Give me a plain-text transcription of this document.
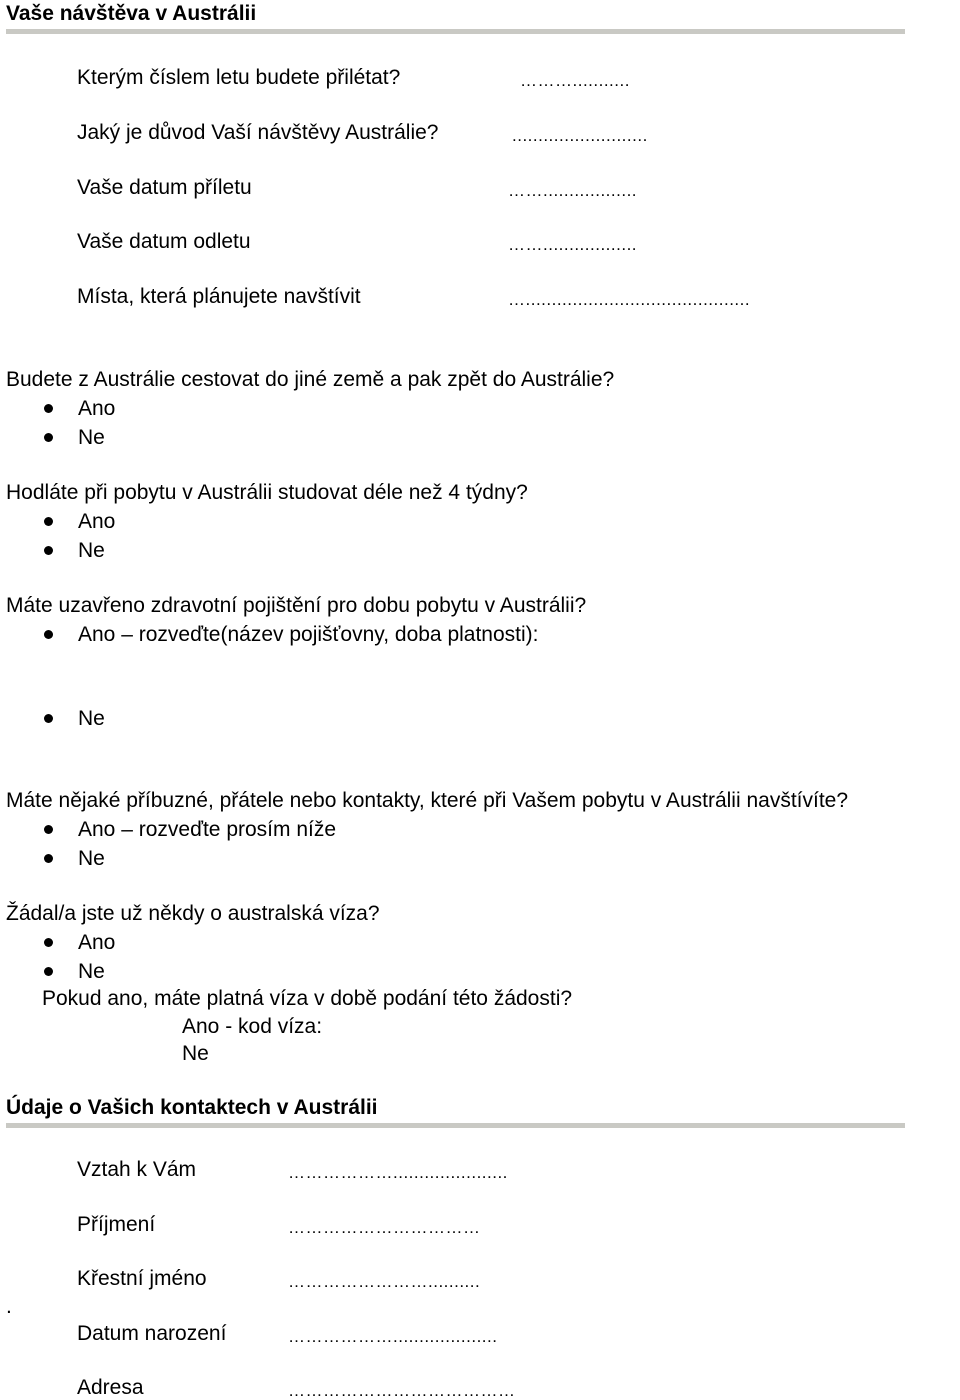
Vaše návštěva v Austrálii
Kterým číslem letu budete přilétat?	………...........
Jaký je důvod Vaší návštěvy Austrálie?	..........................
Vaše datum příletu	……..................
Vaše datum odletu	……..................
Místa, která plánujete navštívit	…...........................................
Budete z Austrálie cestovat do jiné země a pak zpět do Austrálie?
Ano
Ne
Hodláte při pobytu v Austrálii studovat déle než 4 týdny?
Ano
Ne
Máte uzavřeno zdravotní pojištění pro dobu pobytu v Austrálii?
Ano – rozveďte(název pojišťovny, doba platnosti):
Ne
Máte nějaké příbuzné, přátele nebo kontakty, které při Vašem pobytu v Austrálii navštívíte?
Ano – rozveďte prosím níže
Ne
Žádal/a jste už někdy o australská víza?
Ano
Ne
Pokud ano, máte platná víza v době podání této žádosti?
Ano - kod víza:
Ne
Údaje o Vašich kontaktech v Austrálii
Vztah k Vám	………………......................
Příjmení	……………………………
Křestní jméno	……………………..........
.
Datum narození	………………....................
Adresa	…………………………………
